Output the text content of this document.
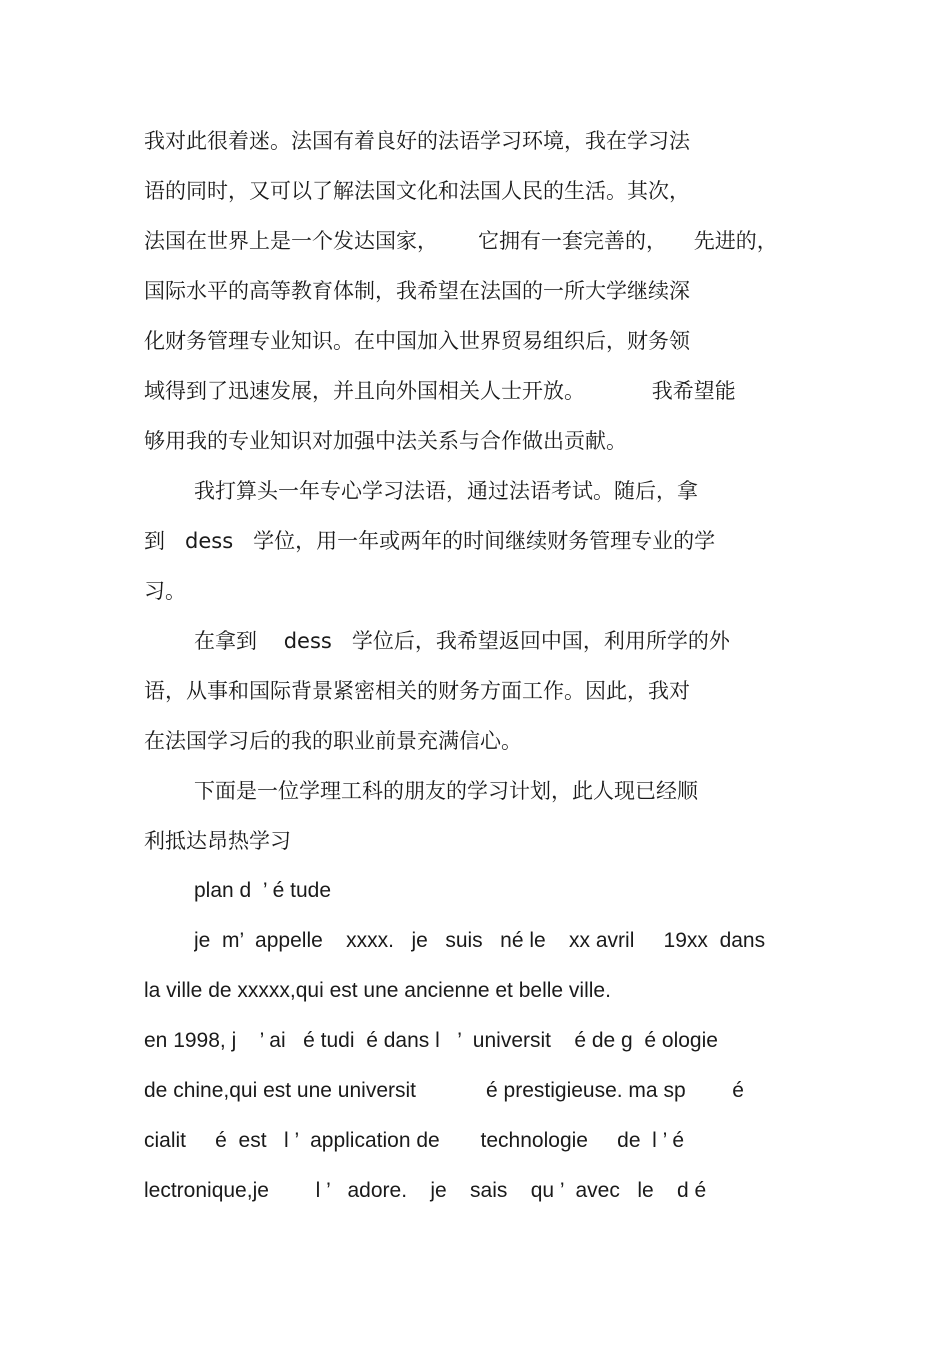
我对此很着迷。法国有着良好的法语学习环境，我在学习法
语的同时，又可以了解法国文化和法国人民的生活。其次，
法国在世界上是一个发达国家，      它拥有一套完善的，    先进的，
国际水平的高等教育体制，我希望在法国的一所大学继续深
化财务管理专业知识。在中国加入世界贸易组织后，财务领
域得到了迅速发展，并且向外国相关人士开放。          我希望能
够用我的专业知识对加强中法关系与合作做出贡献。
我打算头一年专心学习法语，通过法语考试。随后，拿
到   dess   学位，用一年或两年的时间继续财务管理专业的学
习。
在拿到    dess   学位后，我希望返回中国，利用所学的外
语，从事和国际背景紧密相关的财务方面工作。因此，我对
在法国学习后的我的职业前景充满信心。
下面是一位学理工科的朋友的学习计划，此人现已经顺
利抵达昂热学习
plan d  ’ é tude
je  m’  appelle    xxxx.   je   suis   né le    xx avril     19xx  dans
la ville de xxxxx,qui est une ancienne et belle ville.
en 1998, j    ’ ai   é tudi  é dans l   ’  universit    é de g  é ologie
de chine,qui est une universit            é prestigieuse. ma sp        é
cialit     é  est   l ’  application de       technologie     de  l ’ é
lectronique,je        l ’   adore.    je    sais    qu ’  avec   le    d é
